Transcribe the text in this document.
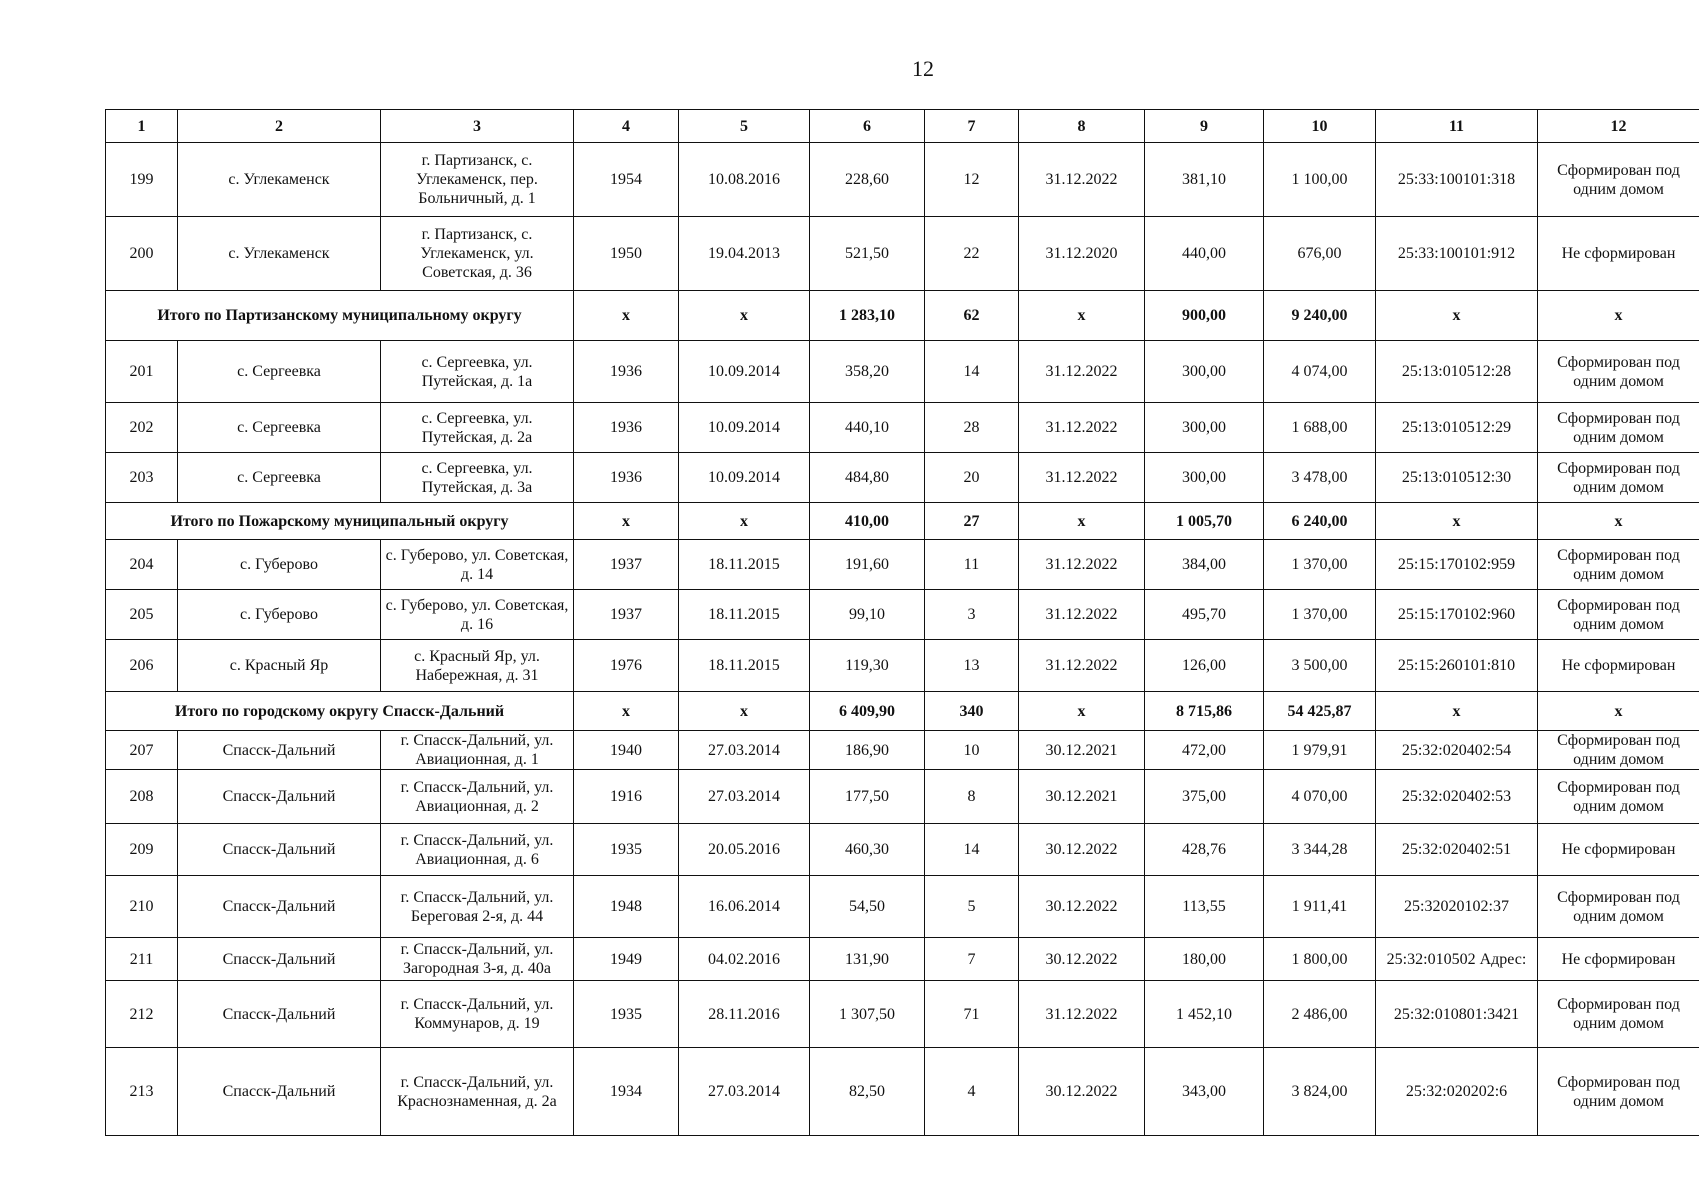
12
1	2	3	4	5	6	7	8	9	10	11	12
199	с. Углекаменск	г. Партизанск, с. Углекаменск, пер. Больничный, д. 1	1954	10.08.2016	228,60	12	31.12.2022	381,10	1 100,00	25:33:100101:318	Сформирован под одним домом
200	с. Углекаменск	г. Партизанск, с. Углекаменск, ул. Советская, д. 36	1950	19.04.2013	521,50	22	31.12.2020	440,00	676,00	25:33:100101:912	Не сформирован
Итого по Партизанскому муниципальному округу			х	х	1 283,10	62	х	900,00	9 240,00	х	х
201	с. Сергеевка	с. Сергеевка, ул. Путейская, д. 1а	1936	10.09.2014	358,20	14	31.12.2022	300,00	4 074,00	25:13:010512:28	Сформирован под одним домом
202	с. Сергеевка	с. Сергеевка, ул. Путейская, д. 2а	1936	10.09.2014	440,10	28	31.12.2022	300,00	1 688,00	25:13:010512:29	Сформирован под одним домом
203	с. Сергеевка	с. Сергеевка, ул. Путейская, д. 3а	1936	10.09.2014	484,80	20	31.12.2022	300,00	3 478,00	25:13:010512:30	Сформирован под одним домом
Итого по Пожарскому муниципальный округу			х	х	410,00	27	х	1 005,70	6 240,00	х	х
204	с. Губерово	с. Губерово, ул. Советская, д. 14	1937	18.11.2015	191,60	11	31.12.2022	384,00	1 370,00	25:15:170102:959	Сформирован под одним домом
205	с. Губерово	с. Губерово, ул. Советская, д. 16	1937	18.11.2015	99,10	3	31.12.2022	495,70	1 370,00	25:15:170102:960	Сформирован под одним домом
206	с. Красный Яр	с. Красный Яр, ул. Набережная, д. 31	1976	18.11.2015	119,30	13	31.12.2022	126,00	3 500,00	25:15:260101:810	Не сформирован
Итого по городскому округу Спасск-Дальний			х	х	6 409,90	340	х	8 715,86	54 425,87	х	х
207	Спасск-Дальний	г. Спасск-Дальний, ул. Авиационная, д. 1	1940	27.03.2014	186,90	10	30.12.2021	472,00	1 979,91	25:32:020402:54	Сформирован под одним домом
208	Спасск-Дальний	г. Спасск-Дальний, ул. Авиационная, д. 2	1916	27.03.2014	177,50	8	30.12.2021	375,00	4 070,00	25:32:020402:53	Сформирован под одним домом
209	Спасск-Дальний	г. Спасск-Дальний, ул. Авиационная, д. 6	1935	20.05.2016	460,30	14	30.12.2022	428,76	3 344,28	25:32:020402:51	Не сформирован
210	Спасск-Дальний	г. Спасск-Дальний, ул. Береговая 2-я, д. 44	1948	16.06.2014	54,50	5	30.12.2022	113,55	1 911,41	25:32020102:37	Сформирован под одним домом
211	Спасск-Дальний	г. Спасск-Дальний, ул. Загородная 3-я, д. 40а	1949	04.02.2016	131,90	7	30.12.2022	180,00	1 800,00	25:32:010502 Адрес:	Не сформирован
212	Спасск-Дальний	г. Спасск-Дальний, ул. Коммунаров, д. 19	1935	28.11.2016	1 307,50	71	31.12.2022	1 452,10	2 486,00	25:32:010801:3421	Сформирован под одним домом
213	Спасск-Дальний	г. Спасск-Дальний, ул. Краснознаменная, д. 2а	1934	27.03.2014	82,50	4	30.12.2022	343,00	3 824,00	25:32:020202:6	Сформирован под одним домом
